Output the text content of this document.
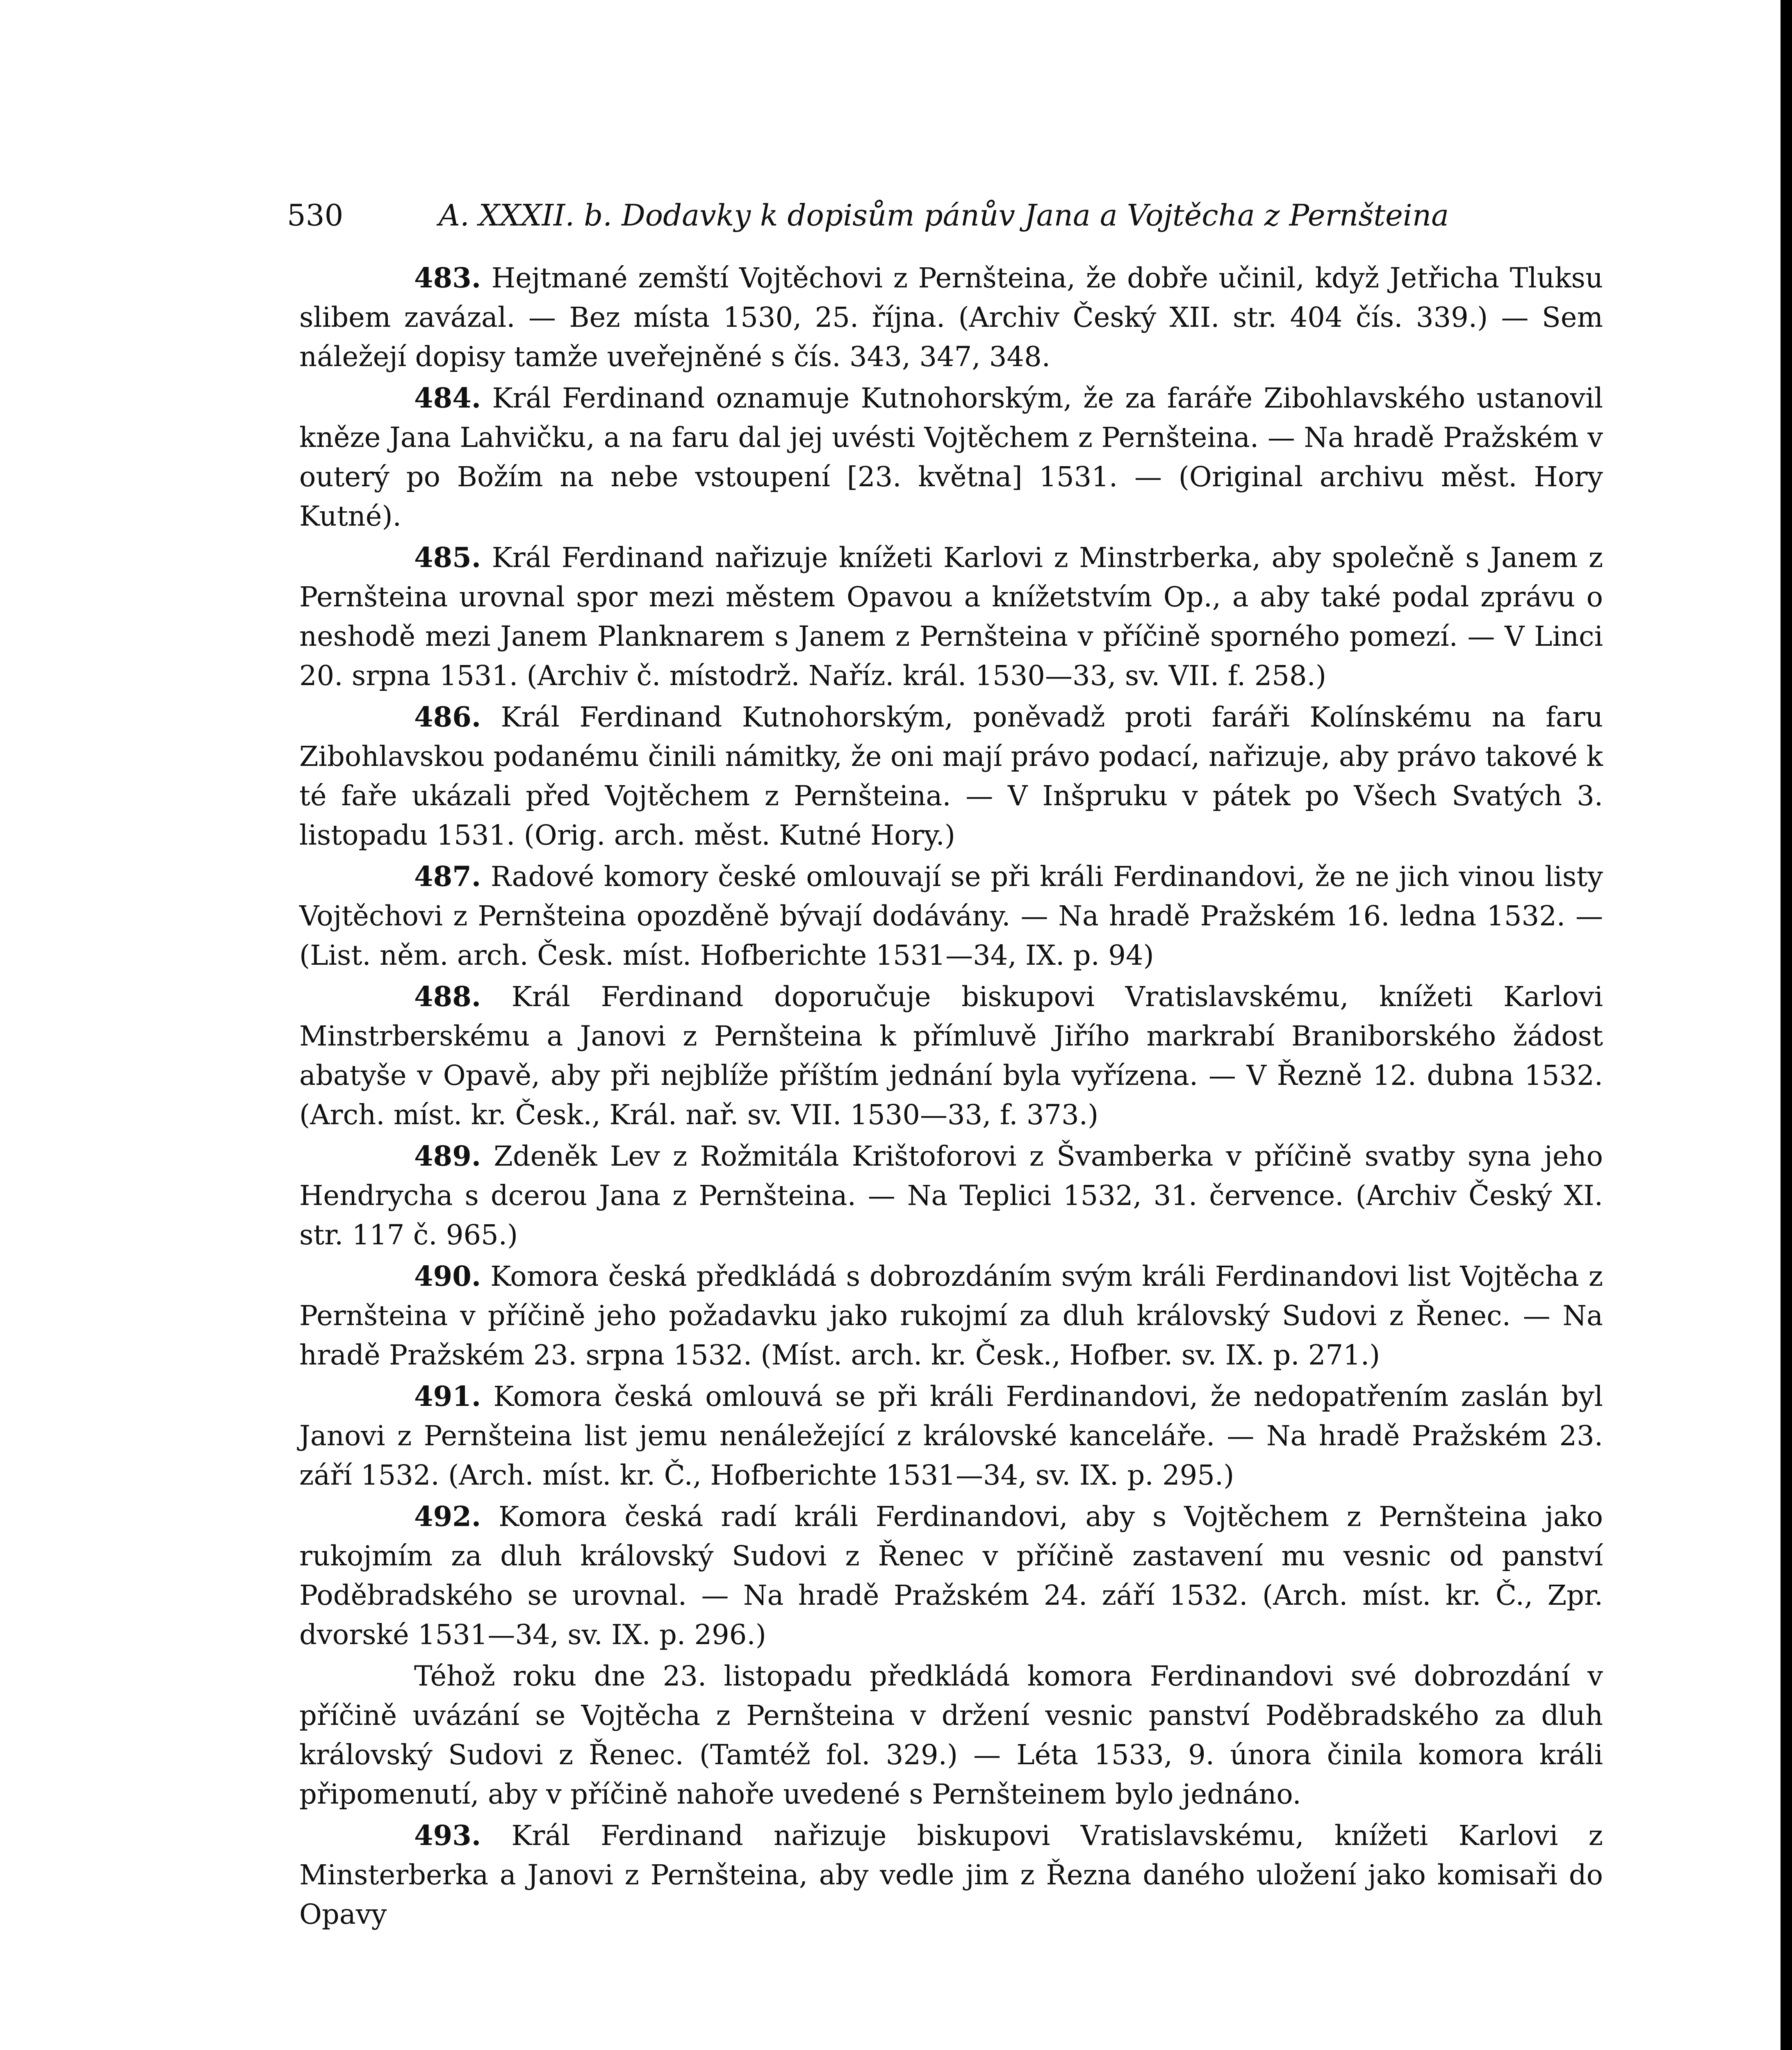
530	A. XXXII. b. Dodavky k dopisům pánův Jana a Vojtěcha z Pernšteina

483. Hejtmané zemští Vojtěchovi z Pernšteina, že dobře učinil, když Jetřicha Tluksu slibem zavázal. — Bez místa 1530, 25. října. (Archiv Český XII. str. 404 čís. 339.) — Sem náležejí dopisy tamže uveřejněné s čís. 343, 347, 348.

484. Král Ferdinand oznamuje Kutnohorským, že za faráře Zibohlavského ustanovil kněze Jana Lahvičku, a na faru dal jej uvésti Vojtěchem z Pernšteina. — Na hradě Pražském v outerý po Božím na nebe vstoupení [23. května] 1531. — (Original archivu měst. Hory Kutné).

485. Král Ferdinand nařizuje knížeti Karlovi z Minstrberka, aby společně s Janem z Pernšteina urovnal spor mezi městem Opavou a knížetstvím Op., a aby také podal zprávu o neshodě mezi Janem Planknarem s Janem z Pernšteina v příčině sporného pomezí. — V Linci 20. srpna 1531. (Archiv č. místodrž. Naříz. král. 1530—33, sv. VII. f. 258.)

486. Král Ferdinand Kutnohorským, poněvadž proti faráři Kolínskému na faru Zibohlavskou podanému činili námitky, že oni mají právo podací, nařizuje, aby právo takové k té faře ukázali před Vojtěchem z Pernšteina. — V Inšpruku v pátek po Všech Svatých 3. listopadu 1531. (Orig. arch. měst. Kutné Hory.)

487. Radové komory české omlouvají se při králi Ferdinandovi, že ne jich vinou listy Vojtěchovi z Pernšteina opozděně bývají dodávány. — Na hradě Pražském 16. ledna 1532. — (List. něm. arch. Česk. míst. Hofberichte 1531—34, IX. p. 94)

488. Král Ferdinand doporučuje biskupovi Vratislavskému, knížeti Karlovi Minstrberskému a Janovi z Pernšteina k přímluvě Jiřího markrabí Braniborského žádost abatyše v Opavě, aby při nejblíže příštím jednání byla vyřízena. — V Řezně 12. dubna 1532. (Arch. míst. kr. Česk., Král. nař. sv. VII. 1530—33, f. 373.)

489. Zdeněk Lev z Rožmitála Krištoforovi z Švamberka v příčině svatby syna jeho Hendrycha s dcerou Jana z Pernšteina. — Na Teplici 1532, 31. července. (Archiv Český XI. str. 117 č. 965.)

490. Komora česká předkládá s dobrozdáním svým králi Ferdinandovi list Vojtěcha z Pernšteina v příčině jeho požadavku jako rukojmí za dluh královský Sudovi z Řenec. — Na hradě Pražském 23. srpna 1532. (Míst. arch. kr. Česk., Hofber. sv. IX. p. 271.)

491. Komora česká omlouvá se při králi Ferdinandovi, že nedopatřením zaslán byl Janovi z Pernšteina list jemu nenáležející z královské kanceláře. — Na hradě Pražském 23. září 1532. (Arch. míst. kr. Č., Hofberichte 1531—34, sv. IX. p. 295.)

492. Komora česká radí králi Ferdinandovi, aby s Vojtěchem z Pernšteina jako rukojmím za dluh královský Sudovi z Řenec v příčině zastavení mu vesnic od panství Poděbradského se urovnal. — Na hradě Pražském 24. září 1532. (Arch. míst. kr. Č., Zpr. dvorské 1531—34, sv. IX. p. 296.)

Téhož roku dne 23. listopadu předkládá komora Ferdinandovi své dobrozdání v příčině uvázání se Vojtěcha z Pernšteina v držení vesnic panství Poděbradského za dluh královský Sudovi z Řenec. (Tamtéž fol. 329.) — Léta 1533, 9. února činila komora králi připomenutí, aby v příčině nahoře uvedené s Pernšteinem bylo jednáno.

493. Král Ferdinand nařizuje biskupovi Vratislavskému, knížeti Karlovi z Minsterberka a Janovi z Pernšteina, aby vedle jim z Řezna daného uložení jako komisaři do Opavy
